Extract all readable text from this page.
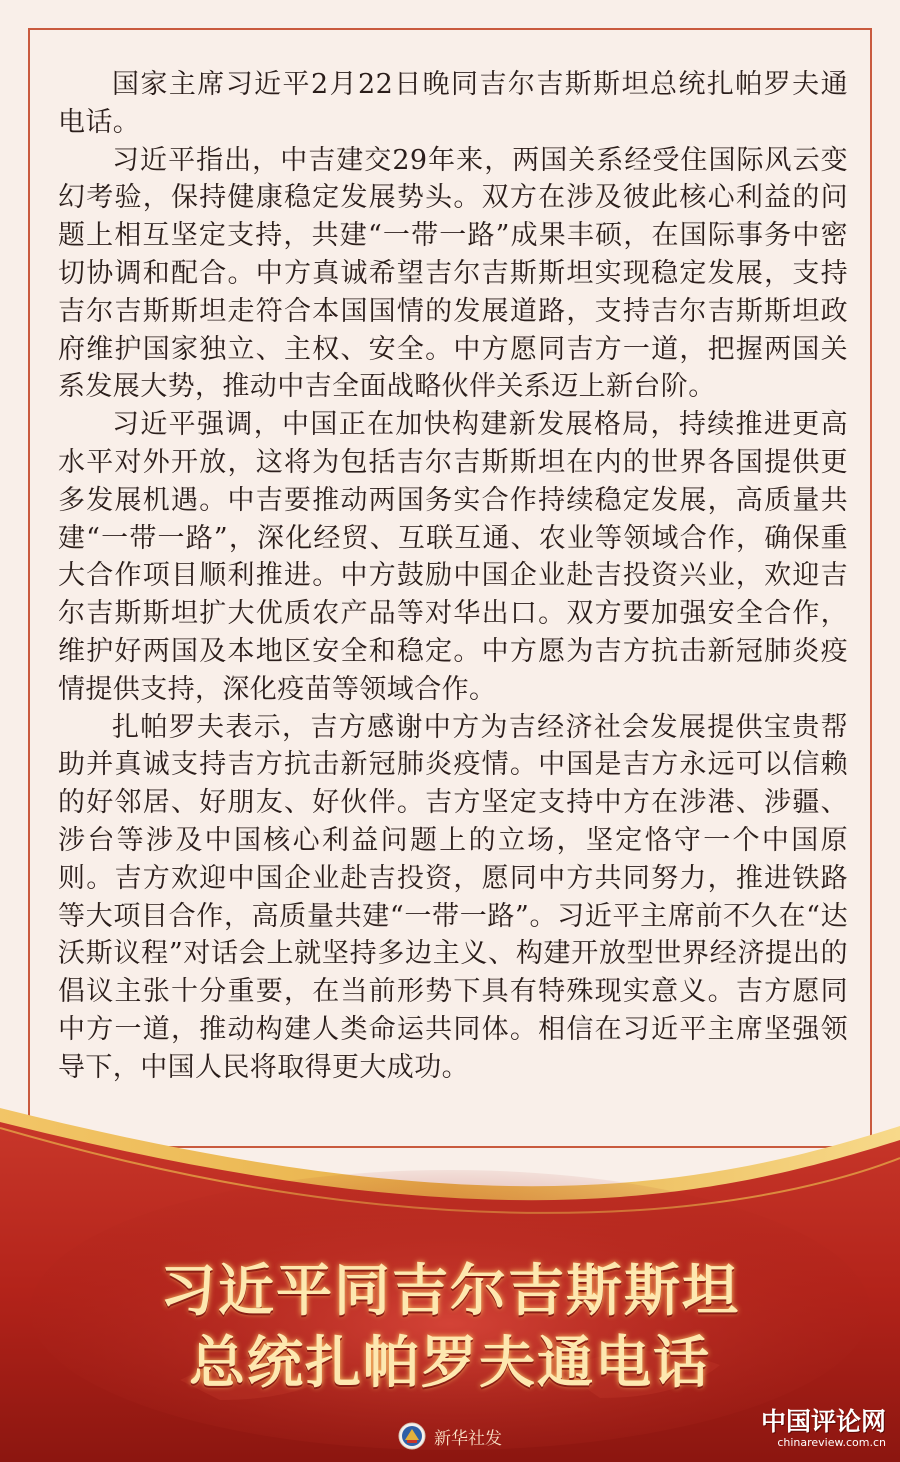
国家主席习近平2月22日晚同吉尔吉斯斯坦总统扎帕罗夫通电话。

习近平指出，中吉建交29年来，两国关系经受住国际风云变幻考验，保持健康稳定发展势头。双方在涉及彼此核心利益的问题上相互坚定支持，共建“一带一路”成果丰硕，在国际事务中密切协调和配合。中方真诚希望吉尔吉斯斯坦实现稳定发展，支持吉尔吉斯斯坦走符合本国国情的发展道路，支持吉尔吉斯斯坦政府维护国家独立、主权、安全。中方愿同吉方一道，把握两国关系发展大势，推动中吉全面战略伙伴关系迈上新台阶。

习近平强调，中国正在加快构建新发展格局，持续推进更高水平对外开放，这将为包括吉尔吉斯斯坦在内的世界各国提供更多发展机遇。中吉要推动两国务实合作持续稳定发展，高质量共建“一带一路”，深化经贸、互联互通、农业等领域合作，确保重大合作项目顺利推进。中方鼓励中国企业赴吉投资兴业，欢迎吉尔吉斯斯坦扩大优质农产品等对华出口。双方要加强安全合作，维护好两国及本地区安全和稳定。中方愿为吉方抗击新冠肺炎疫情提供支持，深化疫苗等领域合作。

扎帕罗夫表示，吉方感谢中方为吉经济社会发展提供宝贵帮助并真诚支持吉方抗击新冠肺炎疫情。中国是吉方永远可以信赖的好邻居、好朋友、好伙伴。吉方坚定支持中方在涉港、涉疆、涉台等涉及中国核心利益问题上的立场，坚定恪守一个中国原则。吉方欢迎中国企业赴吉投资，愿同中方共同努力，推进铁路等大项目合作，高质量共建“一带一路”。习近平主席前不久在“达沃斯议程”对话会上就坚持多边主义、构建开放型世界经济提出的倡议主张十分重要，在当前形势下具有特殊现实意义。吉方愿同中方一道，推动构建人类命运共同体。相信在习近平主席坚强领导下，中国人民将取得更大成功。

习近平同吉尔吉斯斯坦
总统扎帕罗夫通电话
新华社发
中国评论网
chinareview.com.cn
